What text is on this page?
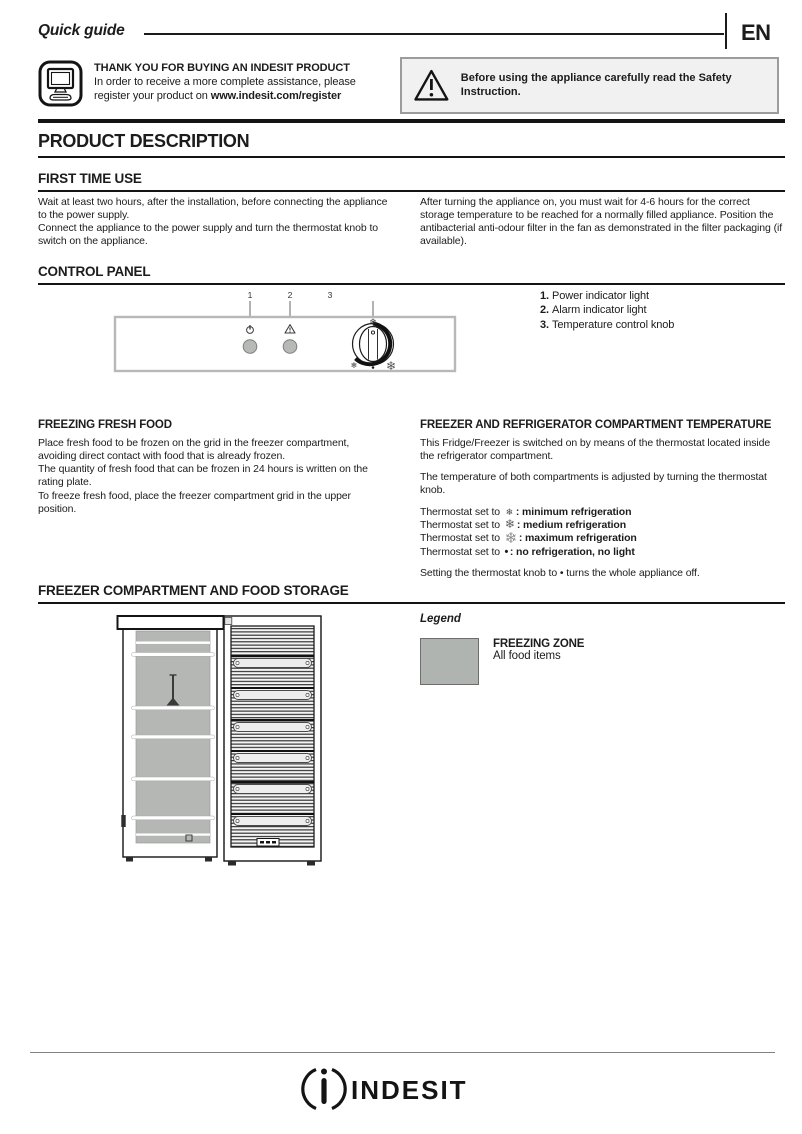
Quick guide	EN
THANK YOU FOR BUYING AN INDESIT PRODUCT
In order to receive a more complete assistance, please
register your product on www.indesit.com/register
Before using the appliance carefully read the Safety Instruction.
PRODUCT DESCRIPTION
FIRST TIME USE

Wait at least two hours, after the installation, before connecting the appliance to the power supply.

Connect the appliance to the power supply and turn the thermostat knob to switch on the appliance.

After turning the appliance on, you must wait for 4-6 hours for the correct storage temperature to be reached for a normally filled appliance. Position the antibacterial anti-odour filter in the fan as demonstrated in the filter packaging (if available).

CONTROL PANEL
1	2	3
❄
❄ ❄
1. Power indicator light
2. Alarm indicator light
3. Temperature control knob
FREEZING FRESH FOOD

Place fresh food to be frozen on the grid in the freezer compartment, avoiding direct contact with food that is already frozen.

The quantity of fresh food that can be frozen in 24 hours is written on the rating plate.

To freeze fresh food, place the freezer compartment grid in the upper position.

FREEZER AND REFRIGERATOR COMPARTMENT TEMPERATURE

This Fridge/Freezer is switched on by means of the thermostat located inside the refrigerator compartment.

The temperature of both compartments is adjusted by turning the thermostat knob.

Thermostat set to ❄ : minimum refrigeration
Thermostat set to ❄ : medium refrigeration
Thermostat set to ❄ : maximum refrigeration
Thermostat set to • : no refrigeration, no light

Setting the thermostat knob to • turns the whole appliance off.

FREEZER COMPARTMENT AND FOOD STORAGE
Legend
FREEZING ZONE
All food items
INDESIT
